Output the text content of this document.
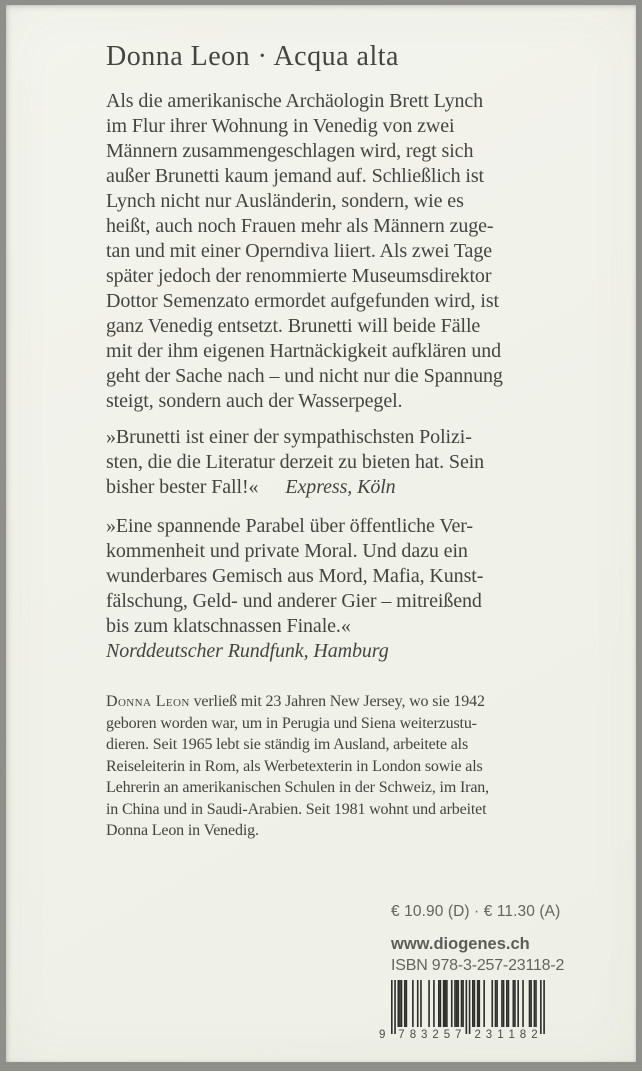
Donna Leon · Acqua alta
Als die amerikanische Archäologin Brett Lynch
im Flur ihrer Wohnung in Venedig von zwei
Männern zusammengeschlagen wird, regt sich
außer Brunetti kaum jemand auf. Schließlich ist
Lynch nicht nur Ausländerin, sondern, wie es
heißt, auch noch Frauen mehr als Männern zuge-
tan und mit einer Operndiva liiert. Als zwei Tage
später jedoch der renommierte Museumsdirektor
Dottor Semenzato ermordet aufgefunden wird, ist
ganz Venedig entsetzt. Brunetti will beide Fälle
mit der ihm eigenen Hartnäckigkeit aufklären und
geht der Sache nach – und nicht nur die Spannung
steigt, sondern auch der Wasserpegel.
»Brunetti ist einer der sympathischsten Polizi-
sten, die die Literatur derzeit zu bieten hat. Sein
bisher bester Fall!« Express, Köln
»Eine spannende Parabel über öffentliche Ver-
kommenheit und private Moral. Und dazu ein
wunderbares Gemisch aus Mord, Mafia, Kunst-
fälschung, Geld- und anderer Gier – mitreißend
bis zum klatschnassen Finale.«
Norddeutscher Rundfunk, Hamburg
Donna Leon verließ mit 23 Jahren New Jersey, wo sie 1942
geboren worden war, um in Perugia und Siena weiterzustu-
dieren. Seit 1965 lebt sie ständig im Ausland, arbeitete als
Reiseleiterin in Rom, als Werbetexterin in London sowie als
Lehrerin an amerikanischen Schulen in der Schweiz, im Iran,
in China und in Saudi-Arabien. Seit 1981 wohnt und arbeitet
Donna Leon in Venedig.
€ 10.90 (D) · € 11.30 (A)
www.diogenes.ch
ISBN 978-3-257-23118-2
9 7 8 3 2 5 7 2 3 1 1 8 2
